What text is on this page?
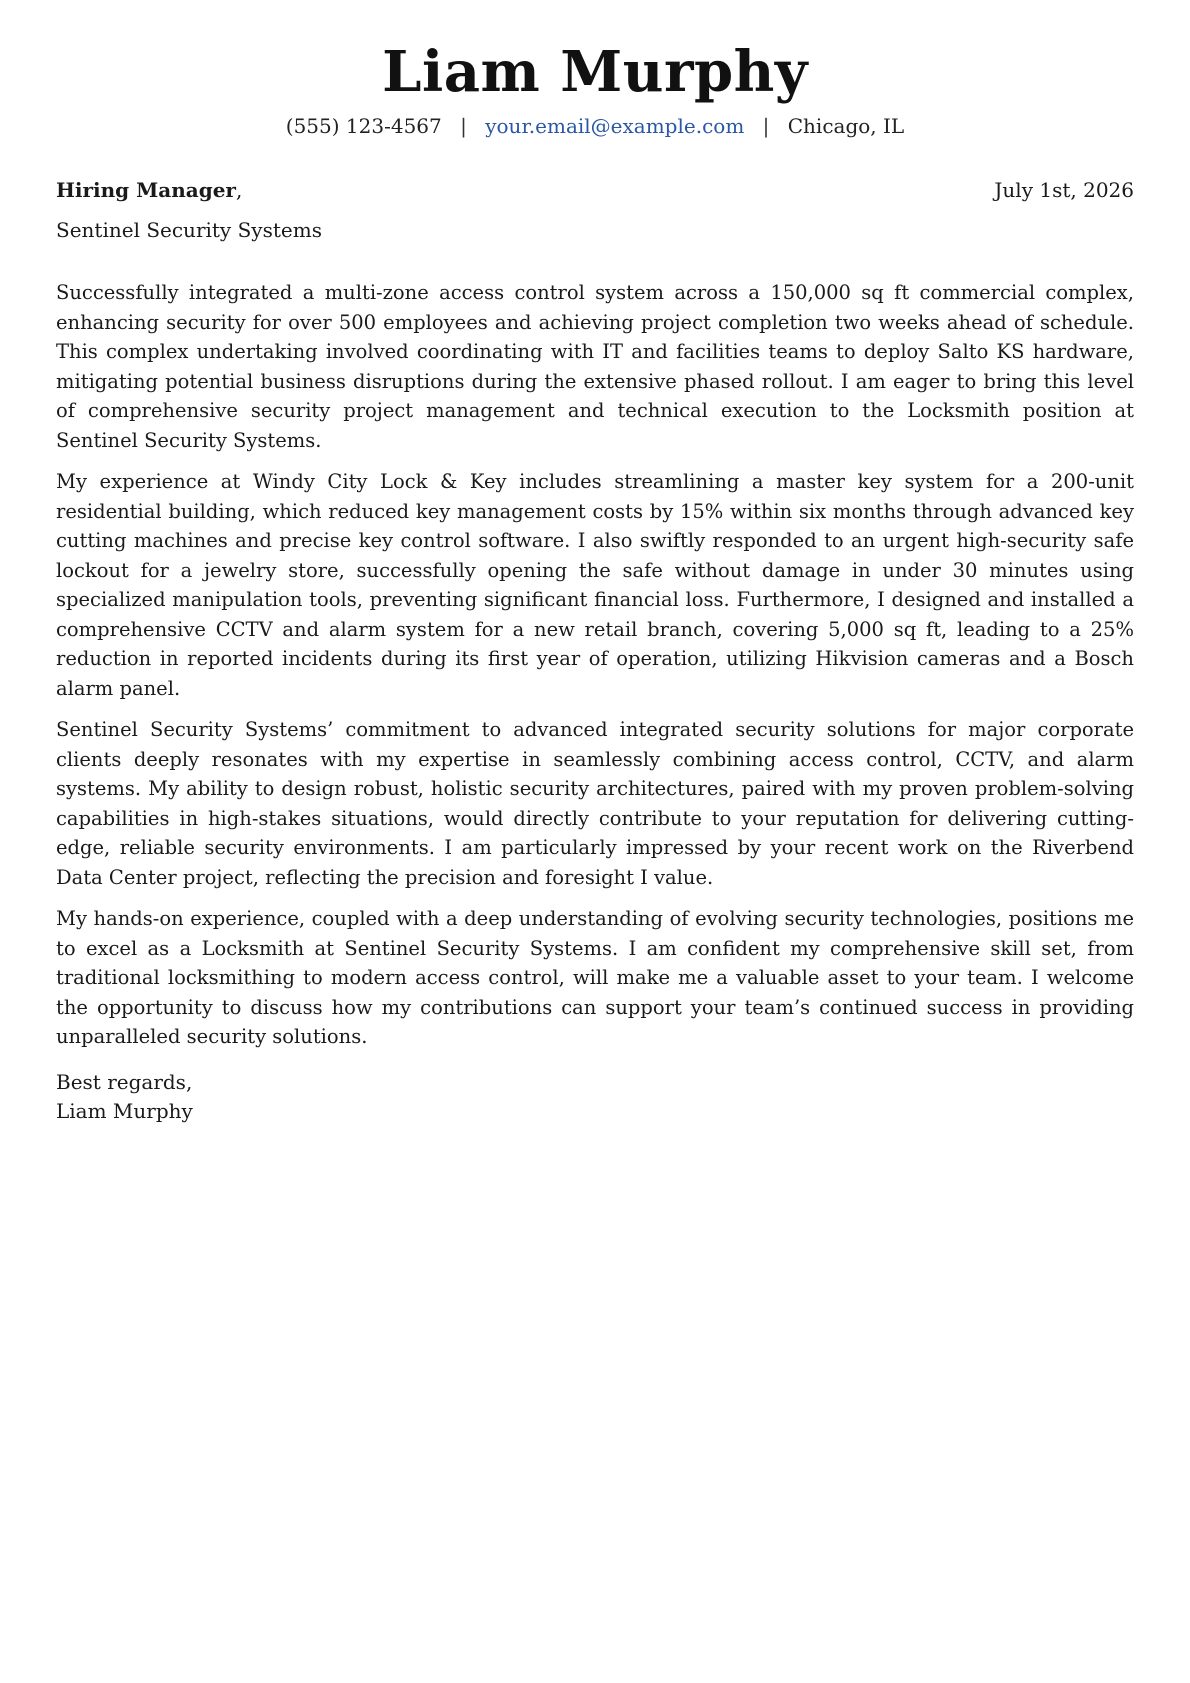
Liam Murphy
(555) 123-4567 | your.email@example.com | Chicago, IL
Hiring Manager,	July 1st, 2026
Sentinel Security Systems

Successfully integrated a multi-zone access control system across a 150,000 sq ft commercial complex, enhancing security for over 500 employees and achieving project completion two weeks ahead of schedule. This complex undertaking involved coordinating with IT and facilities teams to deploy Salto KS hardware, mitigating potential business disruptions during the extensive phased rollout. I am eager to bring this level of comprehensive security project management and technical execution to the Locksmith position at Sentinel Security Systems.

My experience at Windy City Lock & Key includes streamlining a master key system for a 200-unit residential building, which reduced key management costs by 15% within six months through advanced key cutting machines and precise key control software. I also swiftly responded to an urgent high-security safe lockout for a jewelry store, successfully opening the safe without damage in under 30 minutes using specialized manipulation tools, preventing significant financial loss. Furthermore, I designed and installed a comprehensive CCTV and alarm system for a new retail branch, covering 5,000 sq ft, leading to a 25% reduction in reported incidents during its first year of operation, utilizing Hikvision cameras and a Bosch alarm panel.

Sentinel Security Systems’ commitment to advanced integrated security solutions for major corporate clients deeply resonates with my expertise in seamlessly combining access control, CCTV, and alarm systems. My ability to design robust, holistic security architectures, paired with my proven problem-solving capabilities in high-stakes situations, would directly contribute to your reputation for delivering cutting-edge, reliable security environments. I am particularly impressed by your recent work on the Riverbend Data Center project, reflecting the precision and foresight I value.

My hands-on experience, coupled with a deep understanding of evolving security technologies, positions me to excel as a Locksmith at Sentinel Security Systems. I am confident my comprehensive skill set, from traditional locksmithing to modern access control, will make me a valuable asset to your team. I welcome the opportunity to discuss how my contributions can support your team’s continued success in providing unparalleled security solutions.

Best regards,
Liam Murphy
